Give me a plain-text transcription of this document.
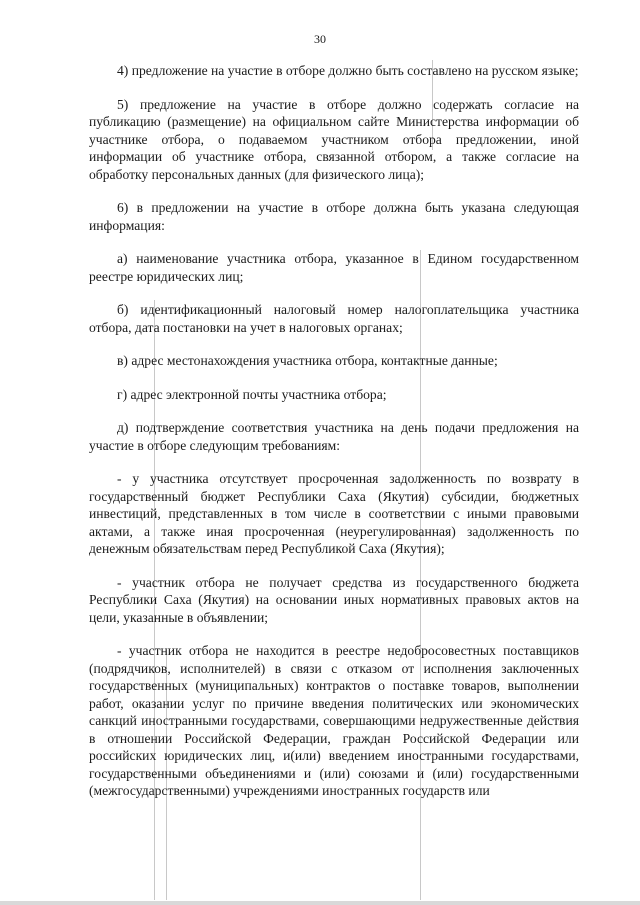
30

4) предложение на участие в отборе должно быть составлено на русском языке;

5) предложение на участие в отборе должно содержать согласие на публикацию (размещение) на официальном сайте Министерства информации об участнике отбора, о подаваемом участником отбора предложении, иной информации об участнике отбора, связанной отбором, а также согласие на обработку персональных данных (для физического лица);

6) в предложении на участие в отборе должна быть указана следующая информация:

а) наименование участника отбора, указанное в Едином государственном реестре юридических лиц;

б) идентификационный налоговый номер налогоплательщика участника отбора, дата постановки на учет в налоговых органах;

в) адрес местонахождения участника отбора, контактные данные;

г) адрес электронной почты участника отбора;

д) подтверждение соответствия участника на день подачи предложения на участие в отборе следующим требованиям:

- у участника отсутствует просроченная задолженность по возврату в государственный бюджет Республики Саха (Якутия) субсидии, бюджетных инвестиций, представленных в том числе в соответствии с иными правовыми актами, а также иная просроченная (неурегулированная) задолженность по денежным обязательствам перед Республикой Саха (Якутия);

- участник отбора не получает средства из государственного бюджета Республики Саха (Якутия) на основании иных нормативных правовых актов на цели, указанные в объявлении;

- участник отбора не находится в реестре недобросовестных поставщиков (подрядчиков, исполнителей) в связи с отказом от исполнения заключенных государственных (муниципальных) контрактов о поставке товаров, выполнении работ, оказании услуг по причине введения политических или экономических санкций иностранными государствами, совершающими недружественные действия в отношении Российской Федерации, граждан Российской Федерации или российских юридических лиц, и(или) введением иностранными государствами, государственными объединениями и (или) союзами и (или) государственными (межгосударственными) учреждениями иностранных государств или
